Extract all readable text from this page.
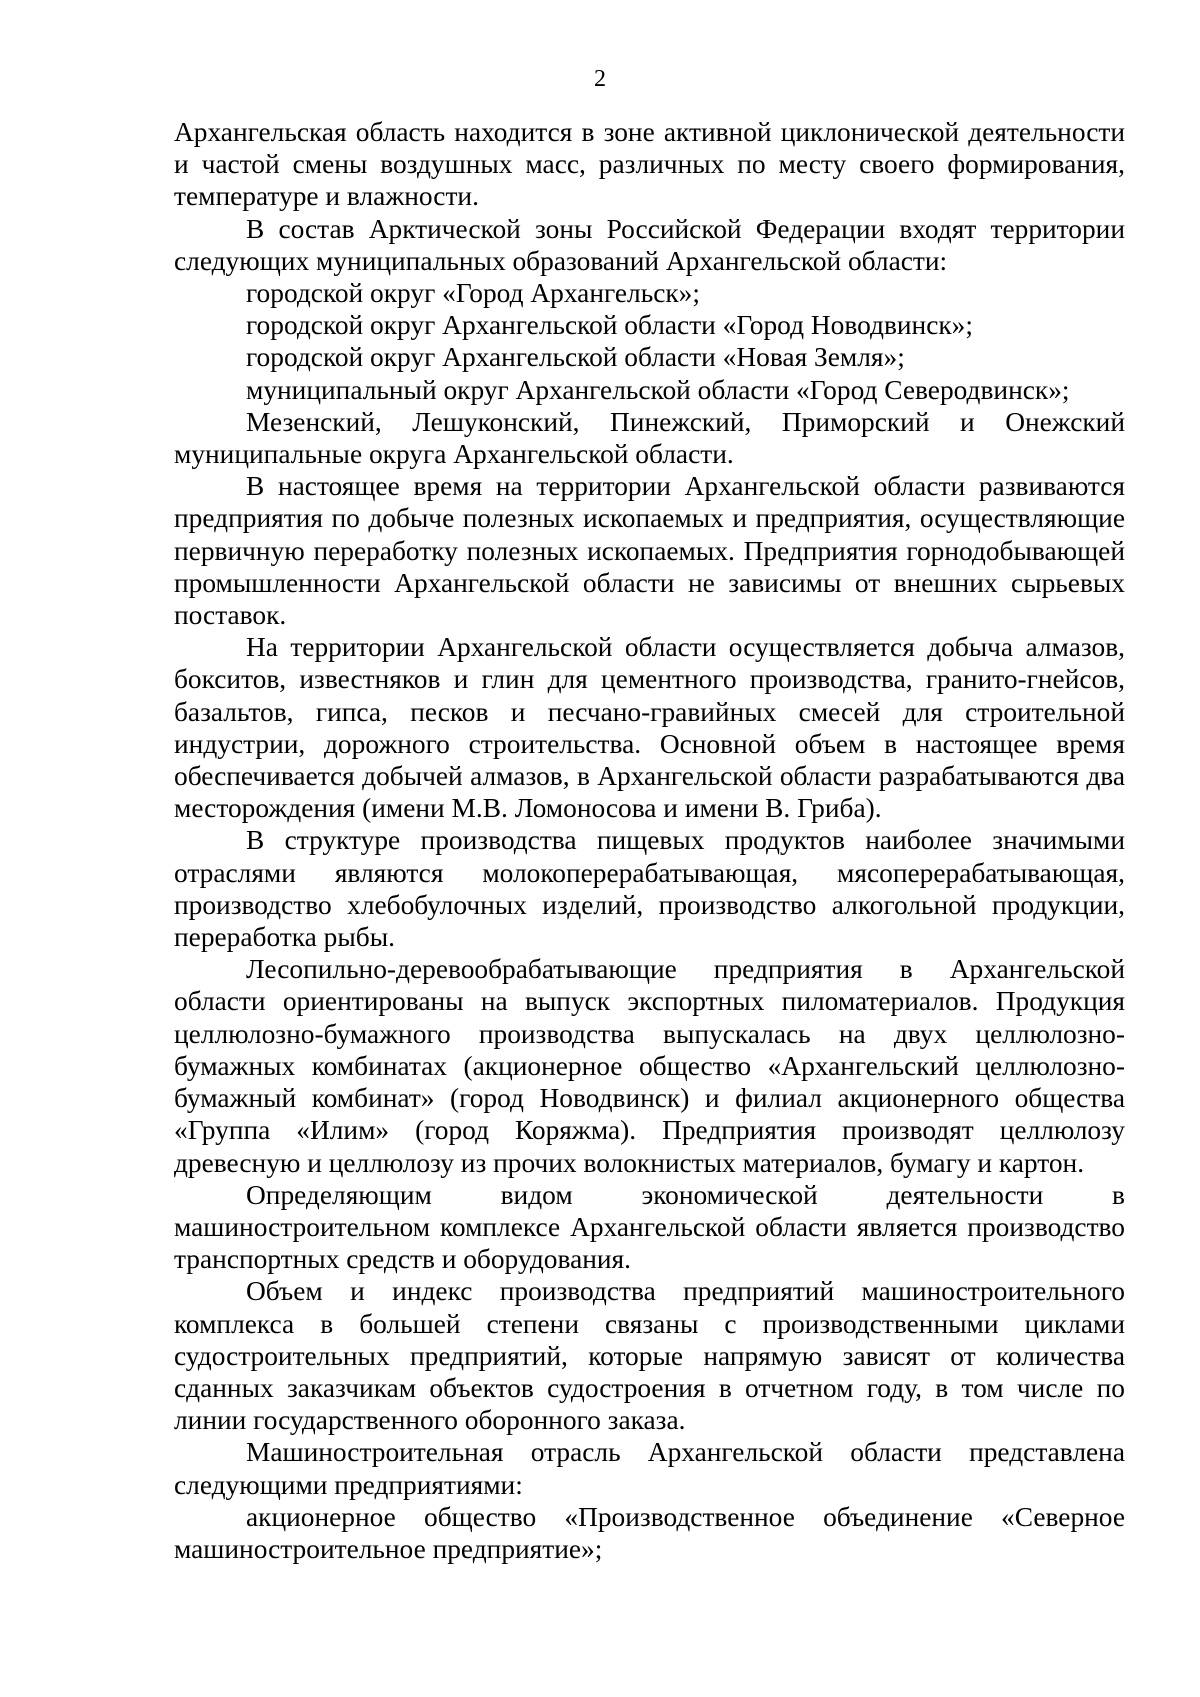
2

Архангельская область находится в зоне активной циклонической деятельности и частой смены воздушных масс, различных по месту своего формирования, температуре и влажности.

В состав Арктической зоны Российской Федерации входят территории следующих муниципальных образований Архангельской области:

городской округ «Город Архангельск»;

городской округ Архангельской области «Город Новодвинск»;

городской округ Архангельской области «Новая Земля»;

муниципальный округ Архангельской области «Город Северодвинск»;

Мезенский, Лешуконский, Пинежский, Приморский и Онежский муниципальные округа Архангельской области.

В настоящее время на территории Архангельской области развиваются предприятия по добыче полезных ископаемых и предприятия, осуществляющие первичную переработку полезных ископаемых. Предприятия горнодобывающей промышленности Архангельской области не зависимы от внешних сырьевых поставок.

На территории Архангельской области осуществляется добыча алмазов, бокситов, известняков и глин для цементного производства, гранито-гнейсов, базальтов, гипса, песков и песчано-гравийных смесей для строительной индустрии, дорожного строительства. Основной объем в настоящее время обеспечивается добычей алмазов, в Архангельской области разрабатываются два месторождения (имени М.В. Ломоносова и имени В. Гриба).

В структуре производства пищевых продуктов наиболее значимыми отраслями являются молокоперерабатывающая, мясоперерабатывающая, производство хлебобулочных изделий, производство алкогольной продукции, переработка рыбы.

Лесопильно-деревообрабатывающие предприятия в Архангельской области ориентированы на выпуск экспортных пиломатериалов. Продукция целлюлозно-бумажного производства выпускалась на двух целлюлозно-бумажных комбинатах (акционерное общество «Архангельский целлюлозно-бумажный комбинат» (город Новодвинск) и филиал акционерного общества «Группа «Илим» (город Коряжма). Предприятия производят целлюлозу древесную и целлюлозу из прочих волокнистых материалов, бумагу и картон.

Определяющим видом экономической деятельности в машиностроительном комплексе Архангельской области является производство транспортных средств и оборудования.

Объем и индекс производства предприятий машиностроительного комплекса в большей степени связаны с производственными циклами судостроительных предприятий, которые напрямую зависят от количества сданных заказчикам объектов судостроения в отчетном году, в том числе по линии государственного оборонного заказа.

Машиностроительная отрасль Архангельской области представлена следующими предприятиями:

акционерное общество «Производственное объединение «Северное машиностроительное предприятие»;
